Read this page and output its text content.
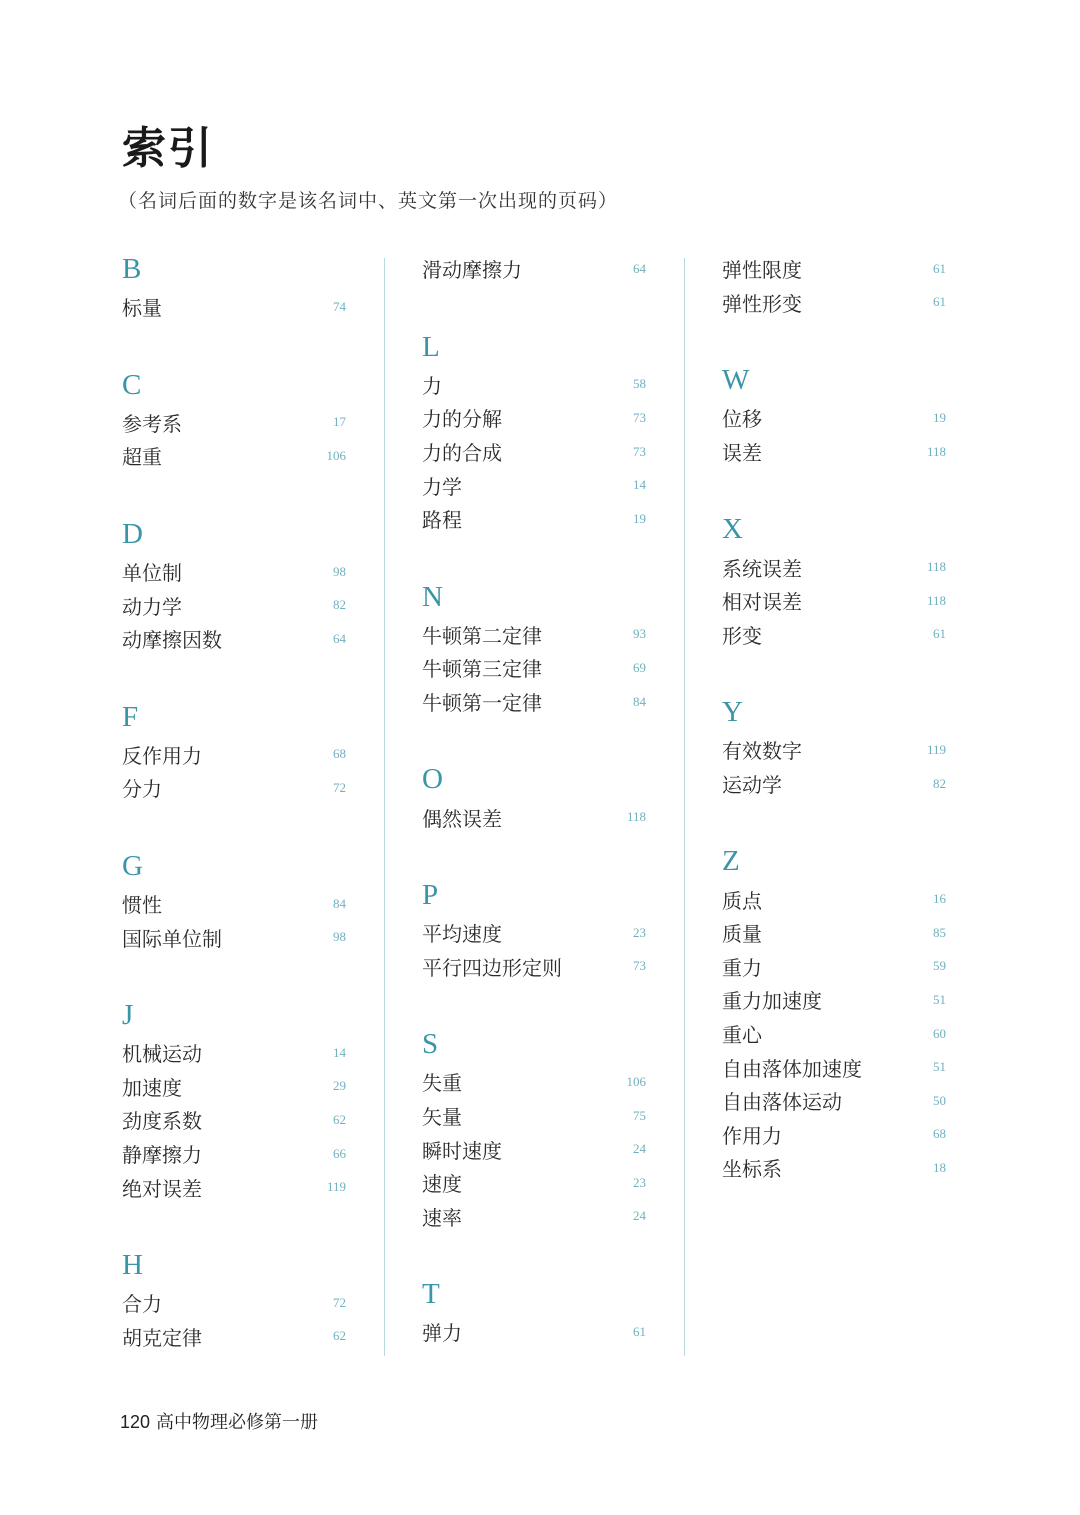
索引
（名词后面的数字是该名词中、英文第一次出现的页码）
B
标量	74
C
参考系	17
超重	106
D
单位制	98
动力学	82
动摩擦因数	64
F
反作用力	68
分力	72
G
惯性	84
国际单位制	98
J
机械运动	14
加速度	29
劲度系数	62
静摩擦力	66
绝对误差	119
H
合力	72
胡克定律	62
滑动摩擦力	64
L
力	58
力的分解	73
力的合成	73
力学	14
路程	19
N
牛顿第二定律	93
牛顿第三定律	69
牛顿第一定律	84
O
偶然误差	118
P
平均速度	23
平行四边形定则	73
S
失重	106
矢量	75
瞬时速度	24
速度	23
速率	24
T
弹力	61
弹性限度	61
弹性形变	61
W
位移	19
误差	118
X
系统误差	118
相对误差	118
形变	61
Y
有效数字	119
运动学	82
Z
质点	16
质量	85
重力	59
重力加速度	51
重心	60
自由落体加速度	51
自由落体运动	50
作用力	68
坐标系	18
120 高中物理必修第一册
